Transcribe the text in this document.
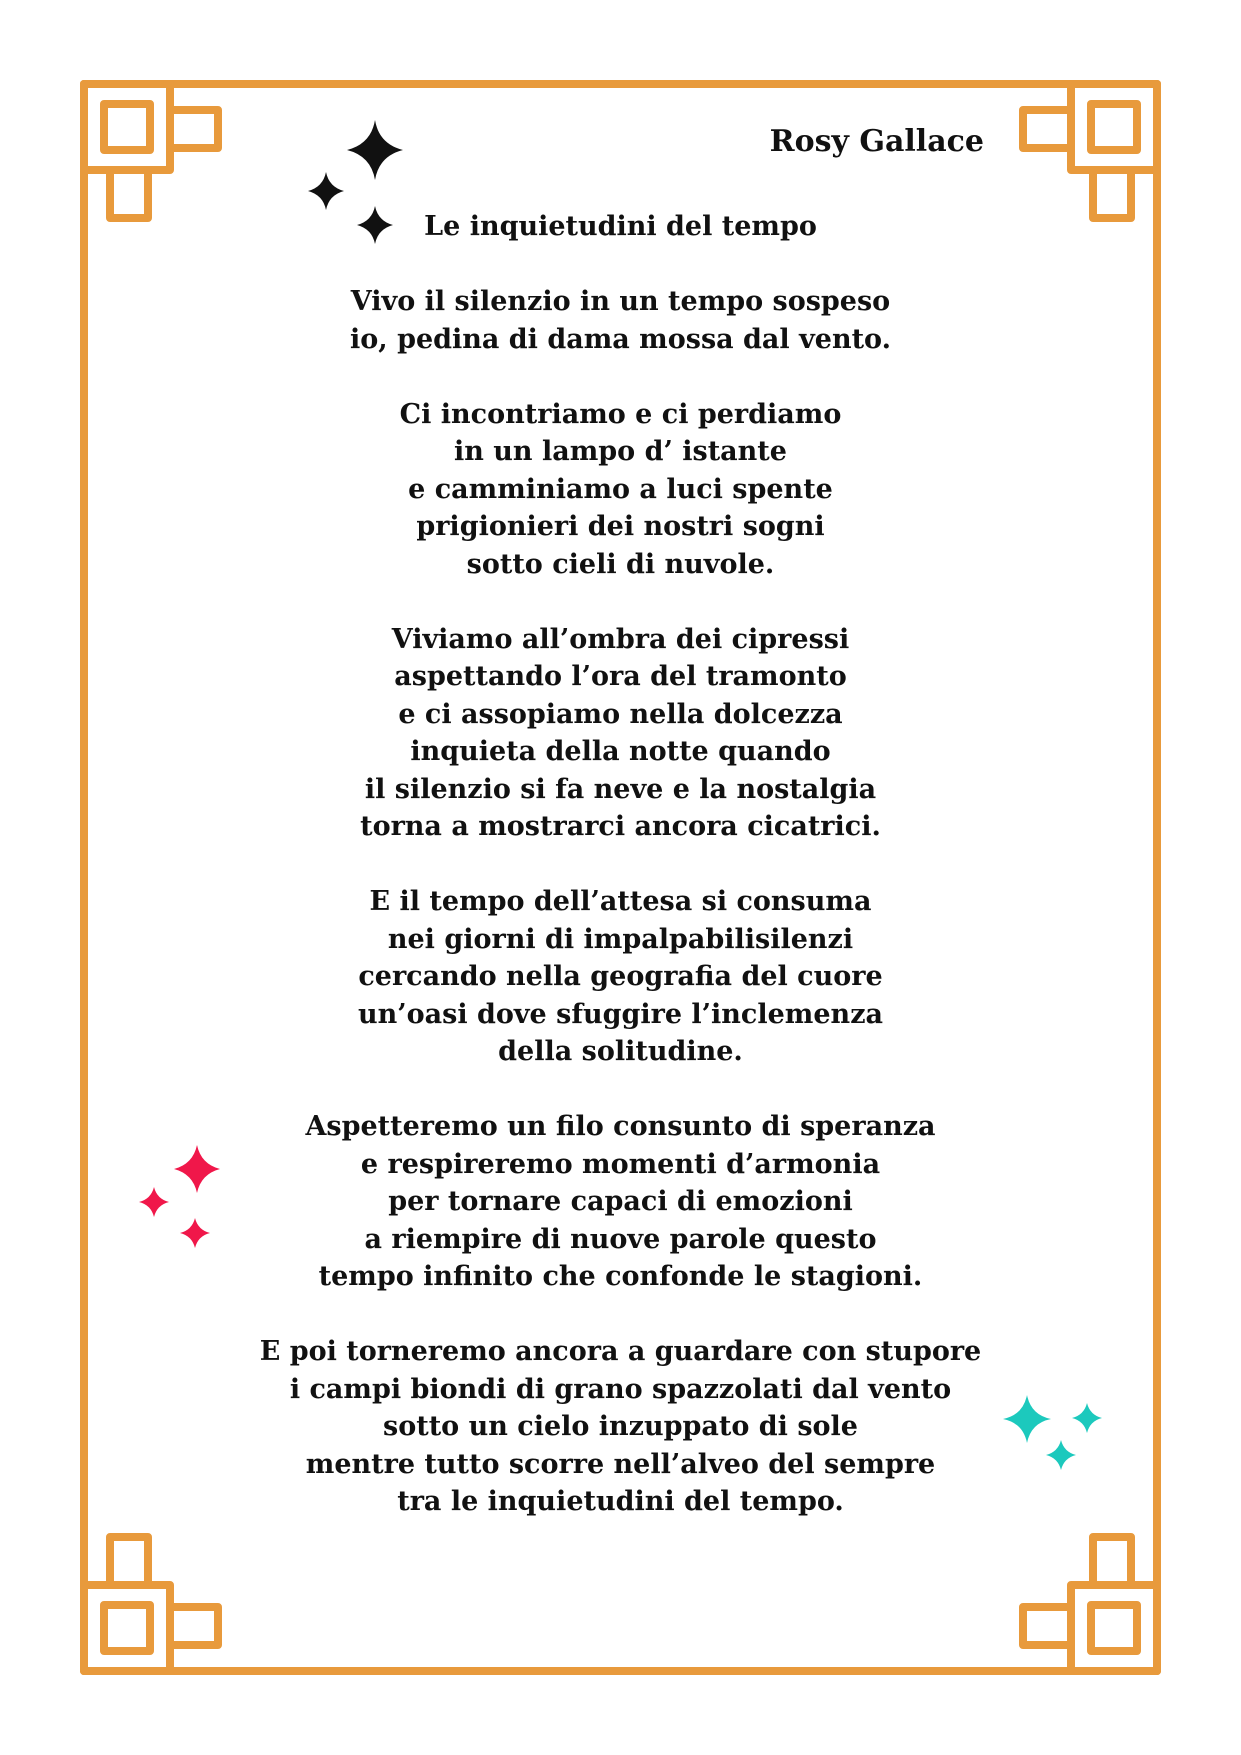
Rosy Gallace
Le inquietudini del tempo
Vivo il silenzio in un tempo sospeso
io, pedina di dama mossa dal vento.
Ci incontriamo e ci perdiamo
in un lampo d’ istante
e camminiamo a luci spente
prigionieri dei nostri sogni
sotto cieli di nuvole.
Viviamo all’ombra dei cipressi
aspettando l’ora del tramonto
e ci assopiamo nella dolcezza
inquieta della notte quando
il silenzio si fa neve e la nostalgia
torna a mostrarci ancora cicatrici.
E il tempo dell’attesa si consuma
nei giorni di impalpabilisilenzi
cercando nella geografia del cuore
un’oasi dove sfuggire l’inclemenza
della solitudine.
Aspetteremo un filo consunto di speranza
e respireremo momenti d’armonia
per tornare capaci di emozioni
a riempire di nuove parole questo
tempo infinito che confonde le stagioni.
E poi torneremo ancora a guardare con stupore
i campi biondi di grano spazzolati dal vento
sotto un cielo inzuppato di sole
mentre tutto scorre nell’alveo del sempre
tra le inquietudini del tempo.
